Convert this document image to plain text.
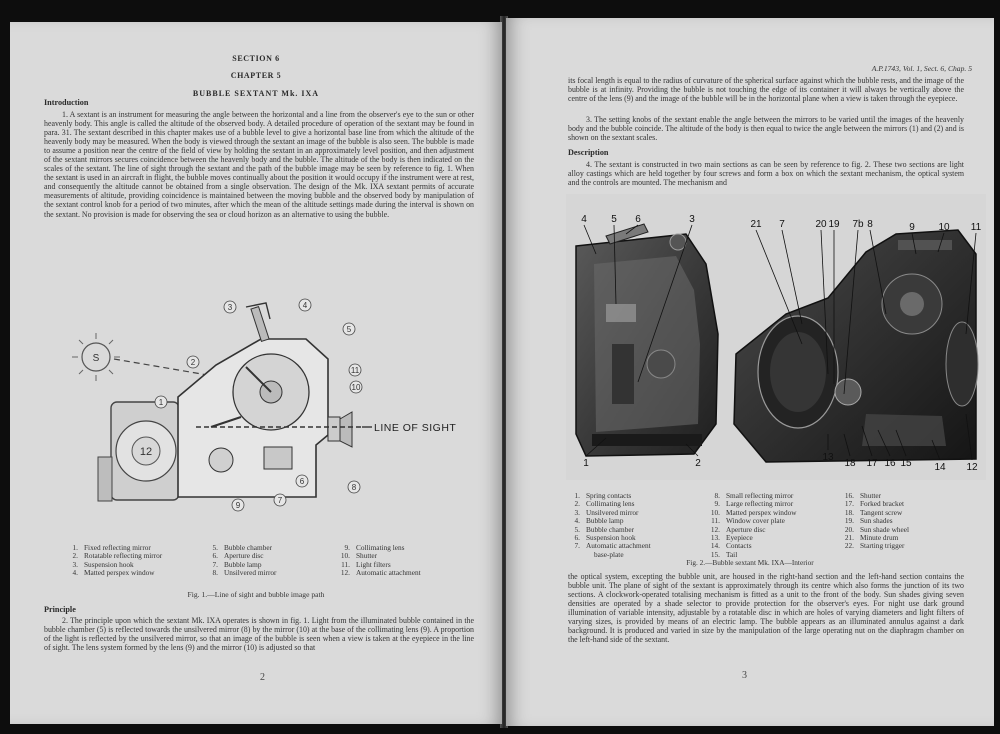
SECTION 6
CHAPTER 5
BUBBLE SEXTANT Mk. IXA
Introduction
1. A sextant is an instrument for measuring the angle between the horizontal and a line from the observer's eye to the sun or other heavenly body. This angle is called the altitude of the observed body. A detailed procedure of operation of the sextant may be found in para. 31. The sextant described in this chapter makes use of a bubble level to give a horizontal base line from which the altitude of the heavenly body may be measured. When the body is viewed through the sextant an image of the bubble is also seen. The bubble is made to assume a position near the centre of the field of view by holding the sextant in an approximately level position, and then adjustment of the sextant mirrors secures coincidence between the heavenly body and the bubble. The altitude of the body is then indicated on the scales of the sextant. The line of sight through the sextant and the path of the bubble image may be seen by reference to fig. 1. When the sextant is used in an aircraft in flight, the bubble moves continually about the position it would occupy if the instrument were at rest, and consequently the altitude cannot be obtained from a single observation. The design of the Mk. IXA sextant permits of accurate measurements of altitude, providing coincidence is maintained between the moving bubble and the observed body by manipulation of the sextant control knob for a period of two minutes, after which the mean of the altitude settings made during the interval is shown on the sextant. No provision is made for observing the sea or cloud horizon as an alternative to using the bubble.
S
12
LINE OF SIGHT
1
2
3	4
5
6
7
8
9
10
11
1. Fixed reflecting mirror
2. Rotatable reflecting mirror
3. Suspension hook
4. Matted perspex window
5. Bubble chamber
6. Aperture disc
7. Bubble lamp
8. Unsilvered mirror
9. Collimating lens
10. Shutter
11. Light filters
12. Automatic attachment
Fig. 1.—Line of sight and bubble image path
Principle
2. The principle upon which the sextant Mk. IXA operates is shown in fig. 1. Light from the illuminated bubble contained in the bubble chamber (5) is reflected towards the unsilvered mirror (8) by the mirror (10) at the base of the collimating lens (9). A proportion of the light is reflected by the unsilvered mirror, so that an image of the bubble is seen when a view is taken at the eyepiece in the line of sight. The lens system formed by the lens (9) and the mirror (10) is adjusted so that
2
A.P.1743, Vol. 1, Sect. 6, Chap. 5
its focal length is equal to the radius of curvature of the spherical surface against which the bubble rests, and the image of the bubble is at infinity. Providing the bubble is not touching the edge of its container it will always be vertically above the centre of the lens (9) and the image of the bubble will be in the horizontal plane when a view is taken through the eyepiece.
3. The setting knobs of the sextant enable the angle between the mirrors to be varied until the images of the heavenly body and the bubble coincide. The altitude of the body is then equal to twice the angle between the mirrors (1) and (2) and is shown on the sextant scales.
Description
4. The sextant is constructed in two main sections as can be seen by reference to fig. 2. These two sections are light alloy castings which are held together by four screws and form a box on which the sextant mechanism, the optical system and the controls are mounted. The mechanism and
4 5 6	3	21 7	20 19 7b 8	9 10 11
1	2
13
18 17 16 15 14 12
1. Spring contacts
2. Collimating lens
3. Unsilvered mirror
4. Bubble lamp
5. Bubble chamber
6. Suspension hook
7. Automatic attachment
base-plate
8. Small reflecting mirror
9. Large reflecting mirror
10. Matted perspex window
11. Window cover plate
12. Aperture disc
13. Eyepiece
14. Contacts
15. Tail
16. Shutter
17. Forked bracket
18. Tangent screw
19. Sun shades
20. Sun shade wheel
21. Minute drum
22. Starting trigger
Fig. 2.—Bubble sextant Mk. IXA—Interior
the optical system, excepting the bubble unit, are housed in the right-hand section and the left-hand section contains the bubble unit. The plane of sight of the sextant is approximately through its centre which also forms the junction of its two sections. A clockwork-operated totalising mechanism is fitted as a unit to the front of the body. Sun shades giving seven densities are operated by a shade selector to provide protection for the observer's eyes. For night use dark ground illumination of variable intensity, adjustable by a rotatable disc in which are holes of varying diameters and light filters of varying sizes, is provided by means of an electric lamp. The bubble appears as an illuminated annulus against a dark background. It is produced and varied in size by the manipulation of the large operating nut on the diaphragm chamber on the left-hand side of the sextant.
3
